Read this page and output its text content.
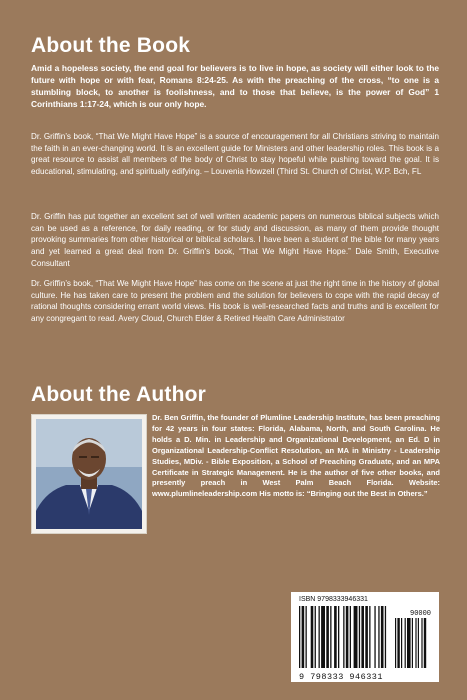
About the Book

Amid a hopeless society, the end goal for believers is to live in hope, as society will either look to the future with hope or with fear, Romans 8:24-25. As with the preaching of the cross, “to one is a stumbling block, to another is foolishness, and to those that believe, is the power of God” 1 Corinthians 1:17-24, which is our only hope.

Dr. Griffin’s book, “That We Might Have Hope” is a source of encouragement for all Christians striving to maintain the faith in an ever-changing world. It is an excellent guide for Ministers and other leadership roles. This book is a great resource to assist all members of the body of Christ to stay hopeful while pushing toward the goal. It is educational, stimulating, and spiritually edifying. – Louvenia Howzell (Third St. Church of Christ, W.P. Bch, FL

Dr. Griffin has put together an excellent set of well written academic papers on numerous biblical subjects which can be used as a reference, for daily reading, or for study and discussion, as many of them provide thought provoking summaries from other historical or biblical scholars. I have been a student of the bible for many years and yet learned a great deal from Dr. Griffin's book, “That We Might Have Hope.” Dale Smith, Executive Consultant

Dr. Griffin’s book, “That We Might Have Hope” has come on the scene at just the right time in the history of global culture. He has taken care to present the problem and the solution for believers to cope with the rapid decay of rational thoughts considering errant world views. His book is well-researched facts and truths and is excellent for any congregant to read. Avery Cloud, Church Elder & Retired Health Care Administrator

About the Author

Dr. Ben Griffin, the founder of Plumline Leadership Institute, has been preaching for 42 years in four states: Florida, Alabama, North, and South Carolina. He holds a D. Min. in Leadership and Organizational Development, an Ed. D in Organizational Leadership-Conflict Resolution, an MA in Ministry - Leadership Studies, MDiv. - Bible Exposition, a School of Preaching Graduate, and an MPA Certificate in Strategic Management. He is the author of five other books, and presently preach in West Palm Beach Florida. Website: www.plumlineleadership.com His motto is: “Bringing out the Best in Others.”

ISBN 9798333946331
90000
9 798333 946331
